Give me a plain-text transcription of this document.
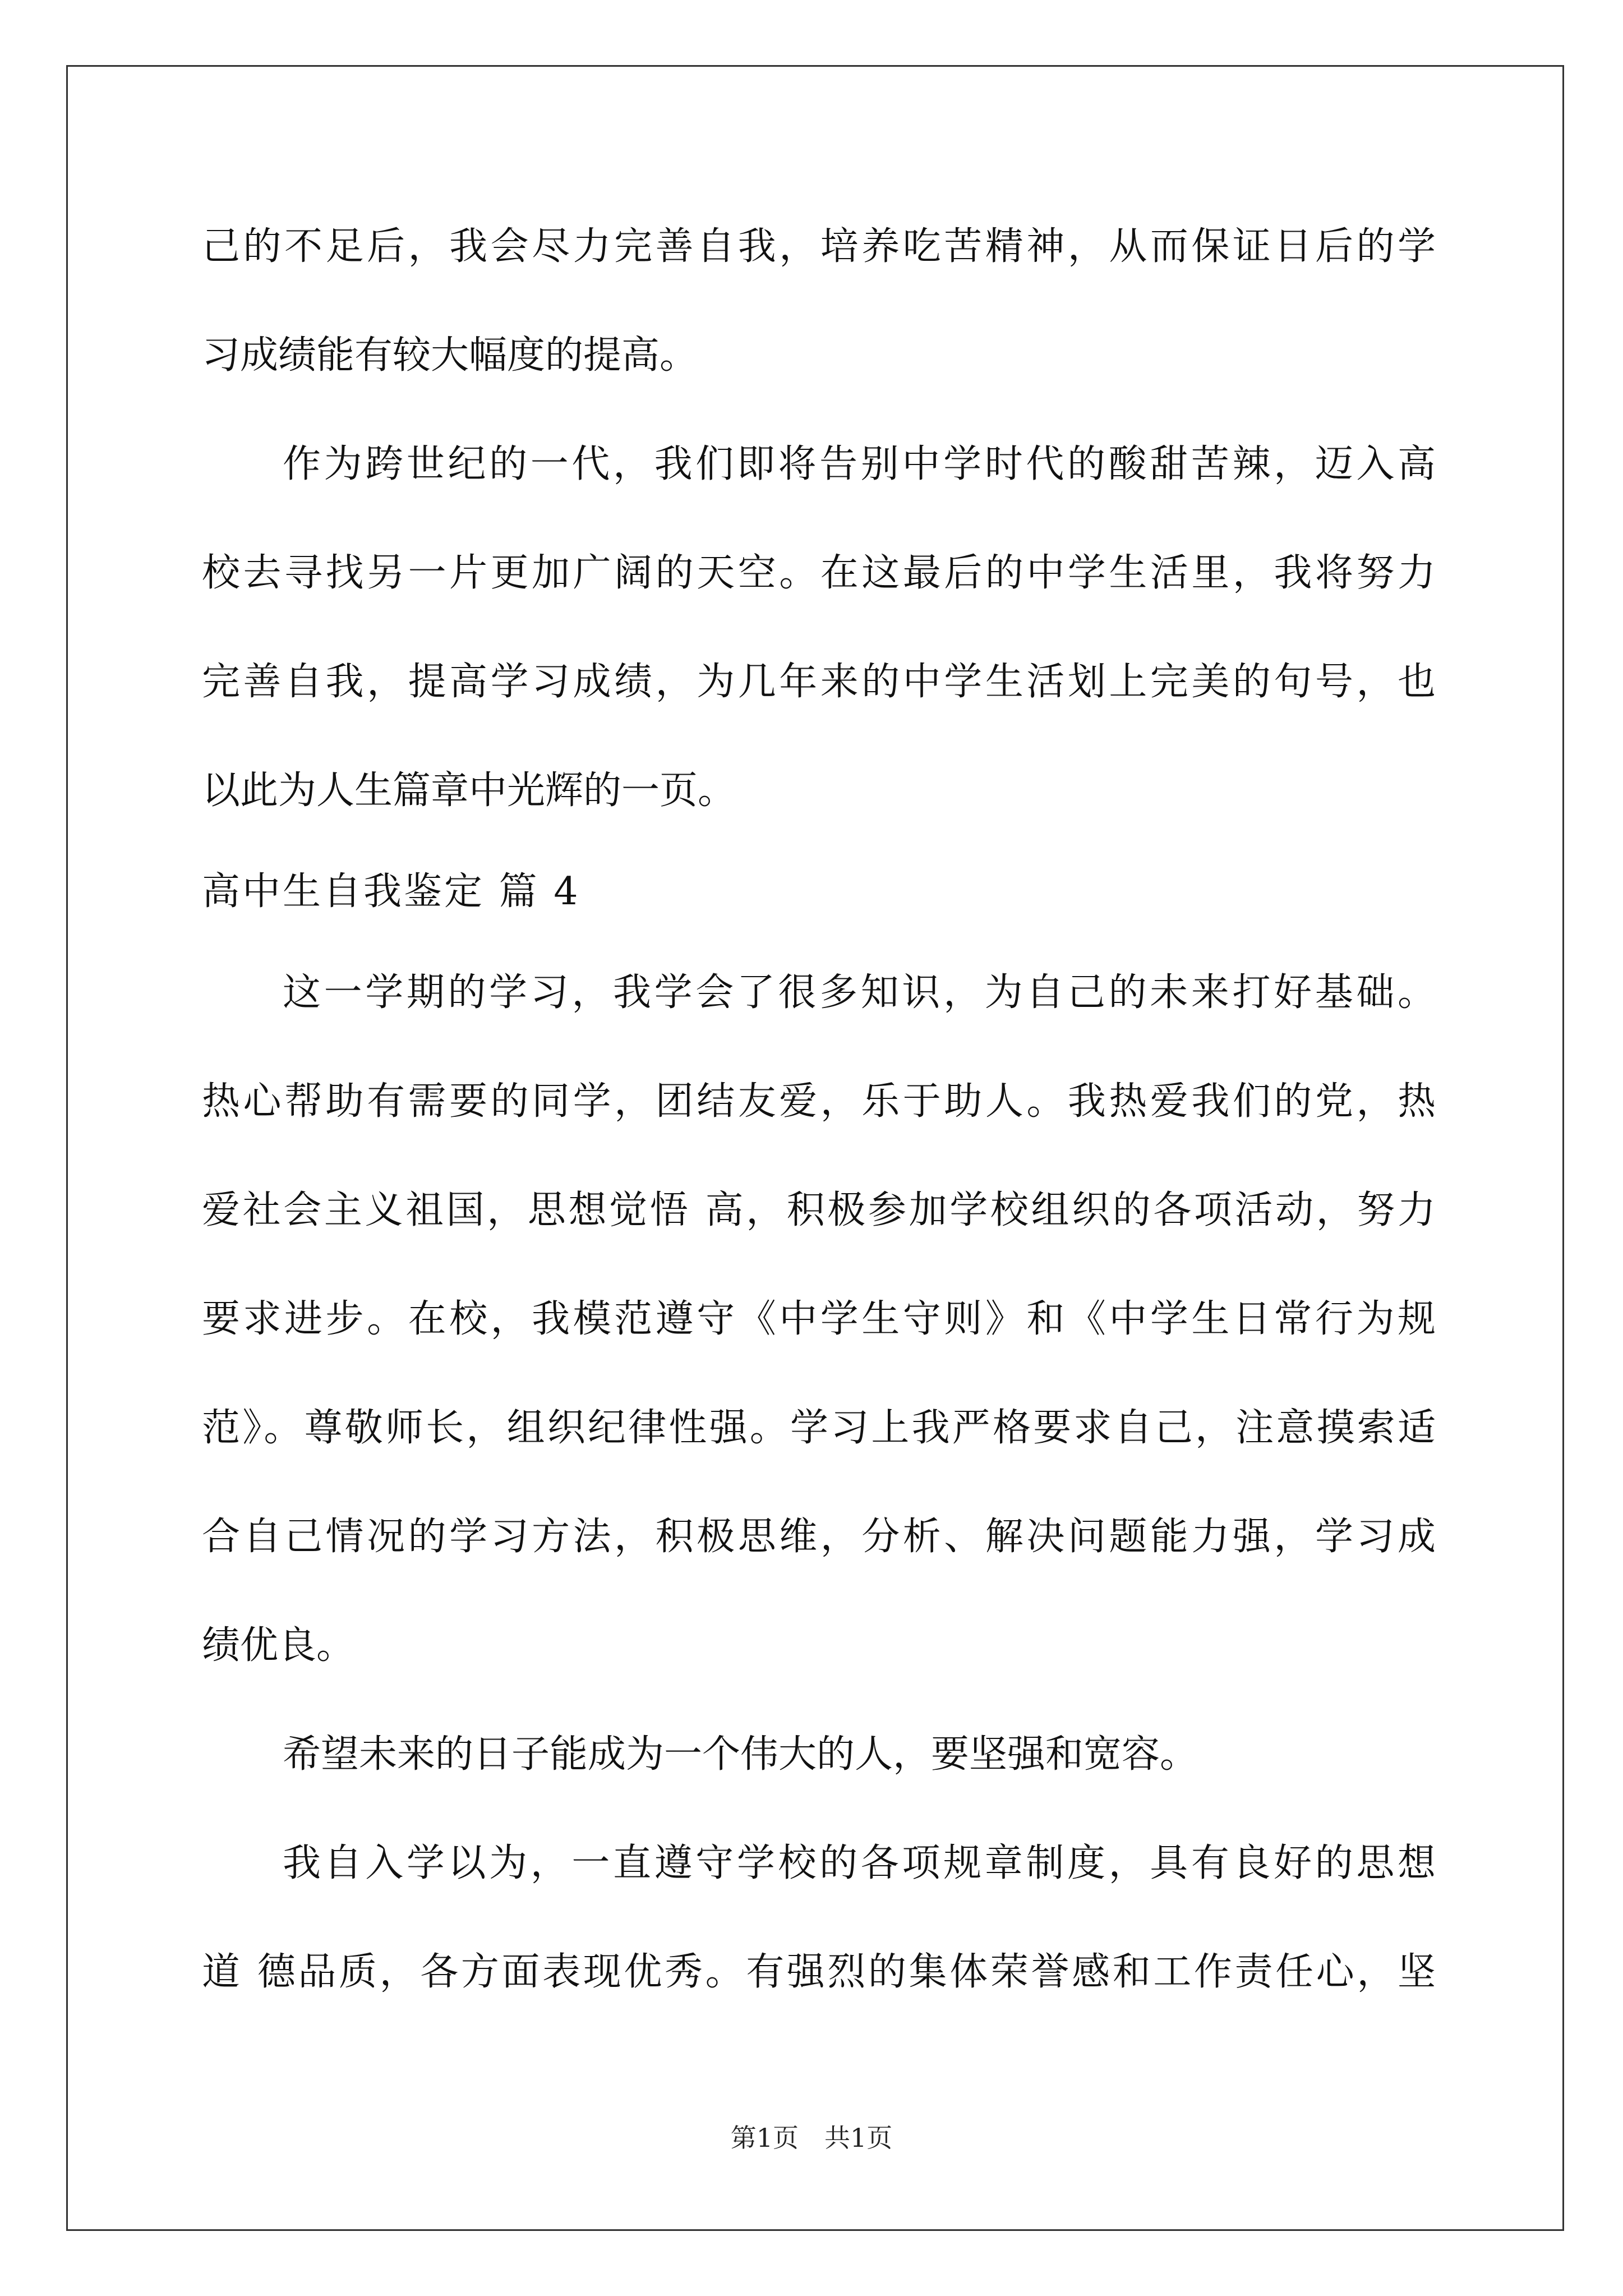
己的不足后，我会尽力完善自我，培养吃苦精神，从而保证日后的学

习成绩能有较大幅度的提高。

作为跨世纪的一代，我们即将告别中学时代的酸甜苦辣，迈入高

校去寻找另一片更加广阔的天空。在这最后的中学生活里，我将努力

完善自我，提高学习成绩，为几年来的中学生活划上完美的句号，也

以此为人生篇章中光辉的一页。

高中生自我鉴定 篇 4

这一学期的学习，我学会了很多知识，为自己的未来打好基础。

热心帮助有需要的同学，团结友爱，乐于助人。我热爱我们的党，热

爱社会主义祖国，思想觉悟 高，积极参加学校组织的各项活动，努力

要求进步。在校，我模范遵守《中学生守则》和《中学生日常行为规

范》。尊敬师长，组织纪律性强。学习上我严格要求自己，注意摸索适

合自己情况的学习方法，积极思维，分析、解决问题能力强，学习成

绩优良。

希望未来的日子能成为一个伟大的人，要坚强和宽容。

我自入学以为，一直遵守学校的各项规章制度，具有良好的思想

道 德品质，各方面表现优秀。有强烈的集体荣誉感和工作责任心，坚

第1页　共1页
